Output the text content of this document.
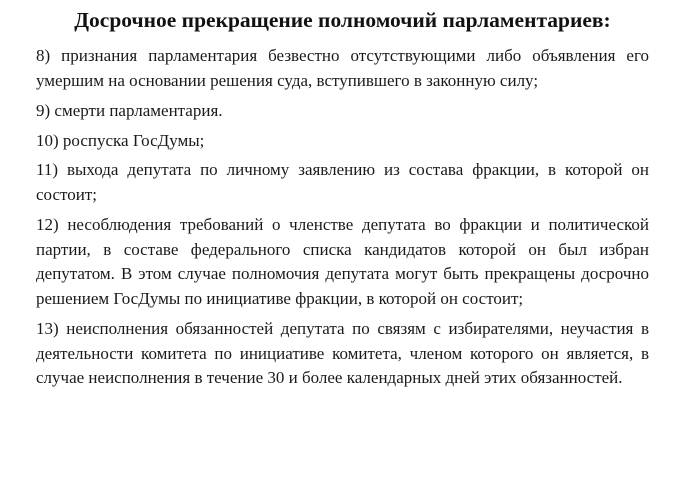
Досрочное прекращение полномочий парламентариев:

8) признания парламентария безвестно отсутствующими либо объявления его умершим на основании решения суда, вступившего в законную силу;

9) смерти парламентария.

10) роспуска ГосДумы;

11) выхода депутата по личному заявлению из состава фракции, в которой он состоит;

12) несоблюдения требований о членстве депутата во фракции и политической партии, в составе федерального списка кандидатов которой он был избран депутатом. В этом случае полномочия депутата могут быть прекращены досрочно решением ГосДумы по инициативе фракции, в которой он состоит;

13) неисполнения обязанностей депутата по связям с избирателями, неучастия в деятельности комитета по инициативе комитета, членом которого он является, в случае неисполнения в течение 30 и более календарных дней этих обязанностей.
